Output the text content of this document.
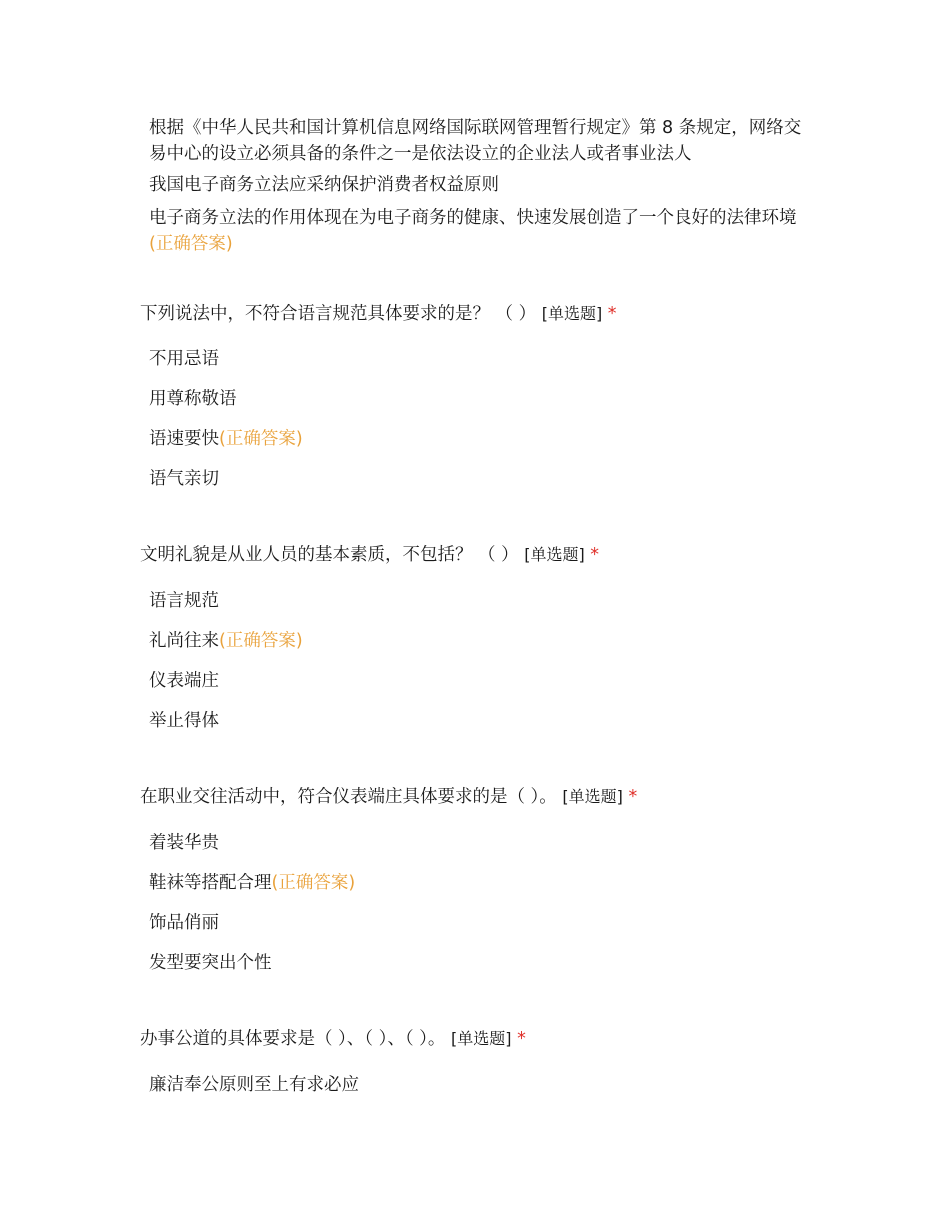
根据《中华人民共和国计算机信息网络国际联网管理暂行规定》第 8 条规定，网络交易中心的设立必须具备的条件之一是依法设立的企业法人或者事业法人
我国电子商务立法应采纳保护消费者权益原则
电子商务立法的作用体现在为电子商务的健康、快速发展创造了一个良好的法律环境(正确答案)
下列说法中，不符合语言规范具体要求的是？ （ ） [单选题] *
不用忌语
用尊称敬语
语速要快(正确答案)
语气亲切
文明礼貌是从业人员的基本素质，不包括？ （ ） [单选题] *
语言规范
礼尚往来(正确答案)
仪表端庄
举止得体
在职业交往活动中，符合仪表端庄具体要求的是（ ）。 [单选题] *
着装华贵
鞋袜等搭配合理(正确答案)
饰品俏丽
发型要突出个性
办事公道的具体要求是（ ）、（ ）、（ ）。 [单选题] *
廉洁奉公原则至上有求必应
